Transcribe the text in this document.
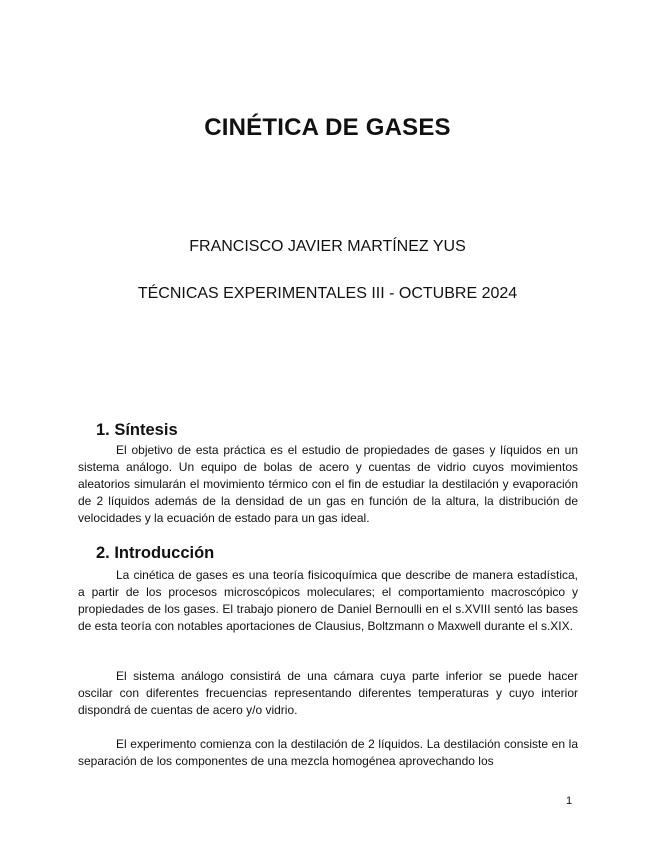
CINÉTICA DE GASES
FRANCISCO JAVIER MARTÍNEZ YUS
TÉCNICAS EXPERIMENTALES III - OCTUBRE 2024
1. Síntesis

El objetivo de esta práctica es el estudio de propiedades de gases y líquidos en un sistema análogo. Un equipo de bolas de acero y cuentas de vidrio cuyos movimientos aleatorios simularán el movimiento térmico con el fin de estudiar la destilación y evaporación de 2 líquidos además de la densidad de un gas en función de la altura, la distribución de velocidades y la ecuación de estado para un gas ideal.

2. Introducción

La cinética de gases es una teoría fisicoquímica que describe de manera estadística, a partir de los procesos microscópicos moleculares; el comportamiento macroscópico y propiedades de los gases. El trabajo pionero de Daniel Bernoulli en el s.XVIII sentó las bases de esta teoría con notables aportaciones de Clausius, Boltzmann o Maxwell durante el s.XIX.

El sistema análogo consistirá de una cámara cuya parte inferior se puede hacer oscilar con diferentes frecuencias representando diferentes temperaturas y cuyo interior dispondrá de cuentas de acero y/o vidrio.

El experimento comienza con la destilación de 2 líquidos. La destilación consiste en la separación de los componentes de una mezcla homogénea aprovechando los

1
